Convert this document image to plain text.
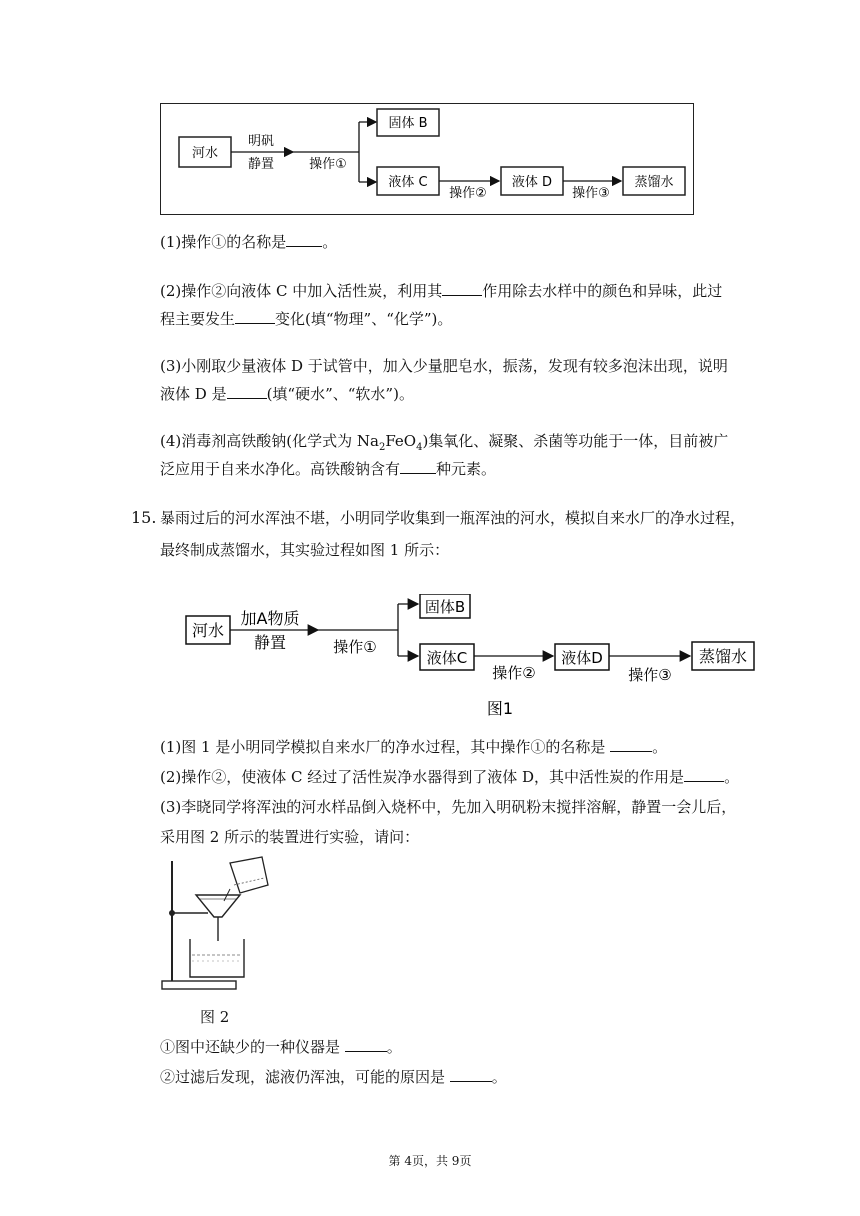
河水
明矾
静置	操作①
固体 B
液体 C
操作②
液体 D
操作③
蒸馏水
(1)操作①的名称是 。
(2)操作②向液体 C 中加入活性炭，利用其	作用除去水样中的颜色和异味，此过
程主要发生	变化(填“物理”、“化学”)。
(3)小刚取少量液体 D 于试管中，加入少量肥皂水，振荡，发现有较多泡沫出现，说明
液体 D 是	(填“硬水”、“软水”)。
(4)消毒剂高铁酸钠(化学式为 $Na_2FeO_4$)集氧化、凝聚、杀菌等功能于一体，目前被广
泛应用于自来水净化。高铁酸钠含有 种元素。
15. 暴雨过后的河水浑浊不堪，小明同学收集到一瓶浑浊的河水，模拟自来水厂的净水过程，
最终制成蒸馏水，其实验过程如图 1 所示：
河水
加A物质
静置	操作①
固体B
液体C
操作②
液体D
操作③
蒸馏水
图1
(1)图 1 是小明同学模拟自来水厂的净水过程，其中操作①的名称是	。
(2)操作②，使液体 C 经过了活性炭净水器得到了液体 D，其中活性炭的作用是	。
(3)李晓同学将浑浊的河水样品倒入烧杯中，先加入明矾粉末搅拌溶解，静置一会儿后，
采用图 2 所示的装置进行实验，请问：
图 2
①图中还缺少的一种仪器是	。
②过滤后发现，滤液仍浑浊，可能的原因是	。
第 4页，共 9页
